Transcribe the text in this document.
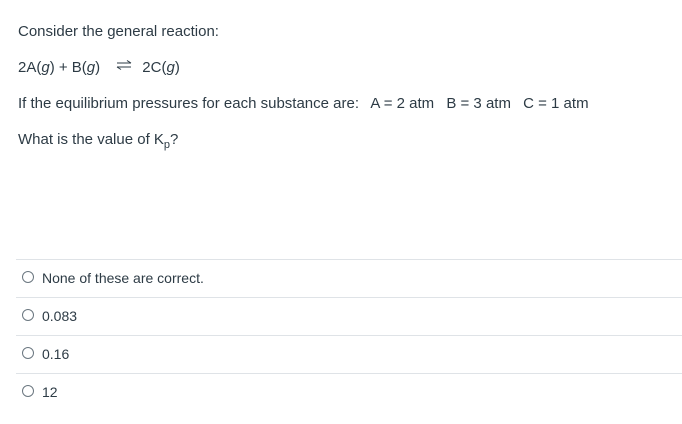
Consider the general reaction:
2A(g) + B(g) ⇌ 2C(g)
If the equilibrium pressures for each substance are: A = 2 atm B = 3 atm C = 1 atm
What is the value of $K_p$?
None of these are correct.
0.083
0.16
12
